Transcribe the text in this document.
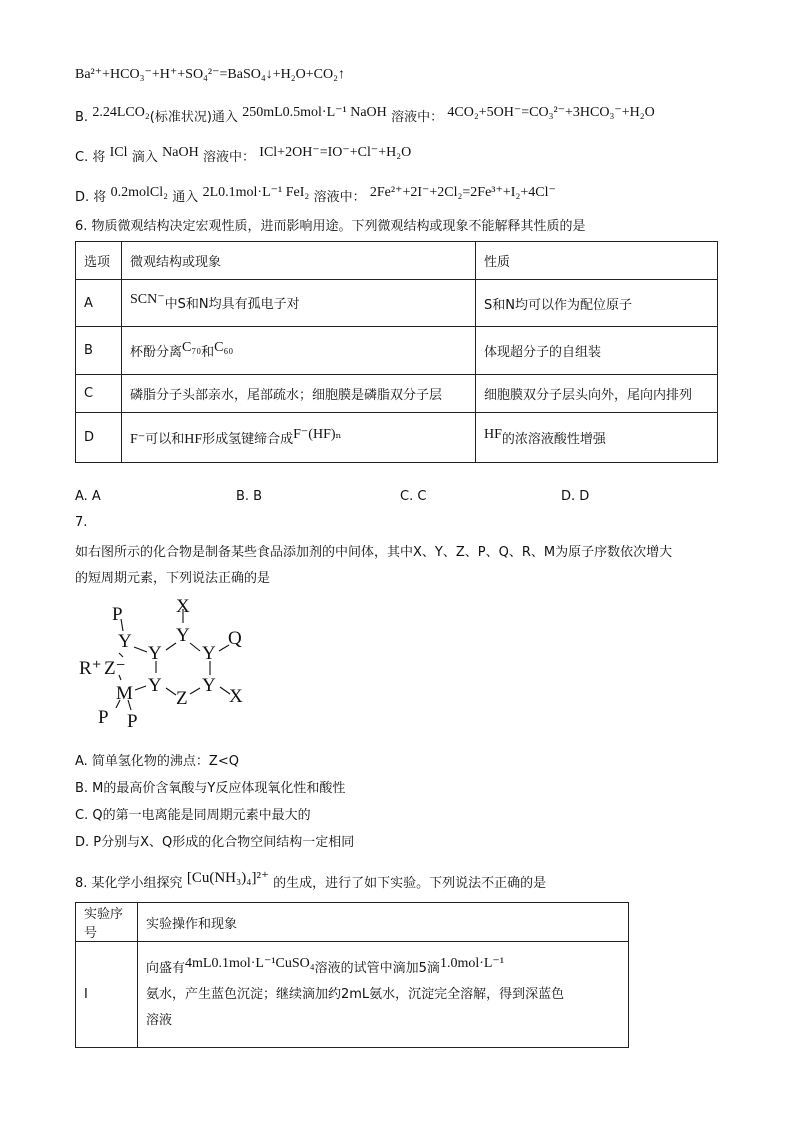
Ba²⁺+HCO₃⁻+H⁺+SO₄²⁻=BaSO₄↓+H₂O+CO₂↑
B. 2.24LCO₂(标准状况)通入 250mL0.5mol·L⁻¹ NaOH 溶液中： 4CO₂+5OH⁻=CO₃²⁻+3HCO₃⁻+H₂O
C. 将 ICl 滴入 NaOH 溶液中： ICl+2OH⁻=IO⁻+Cl⁻+H₂O
D. 将 0.2molCl₂ 通入 2L0.1mol·L⁻¹ FeI₂ 溶液中： 2Fe²⁺+2I⁻+2Cl₂=2Fe³⁺+I₂+4Cl⁻
6. 物质微观结构决定宏观性质，进而影响用途。下列微观结构或现象不能解释其性质的是
选项	微观结构或现象	性质
A	SCN⁻中S和N均具有孤电子对	S和N均可以作为配位原子
B	杯酚分离C₇₀和C₆₀	体现超分子的自组装
C	磷脂分子头部亲水，尾部疏水；细胞膜是磷脂双分子层	细胞膜双分子层头向外，尾向内排列
D	F⁻可以和HF形成氢键缔合成F⁻(HF)ₙ	HF的浓溶液酸性增强
A. A	B. B	C. C	D. D
7.
如右图所示的化合物是制备某些食品添加剂的中间体，其中X、Y、Z、P、Q、R、M为原子序数依次增大
的短周期元素，下列说法正确的是
P	X
Y Y Q
Y Y
R⁺ Z⁻
M Y Y
Z X
P P
A. 简单氢化物的沸点：Z<Q
B. M的最高价含氧酸与Y反应体现氧化性和酸性
C. Q的第一电离能是同周期元素中最大的
D. P分别与X、Q形成的化合物空间结构一定相同
8. 某化学小组探究 [Cu(NH₃)₄]²⁺ 的生成，进行了如下实验。下列说法不正确的是
实验序号	实验操作和现象
I	向盛有4mL0.1mol·L⁻¹CuSO₄溶液的试管中滴加5滴1.0mol·L⁻¹
氨水，产生蓝色沉淀；继续滴加约2mL氨水，沉淀完全溶解，得到深蓝色
溶液
